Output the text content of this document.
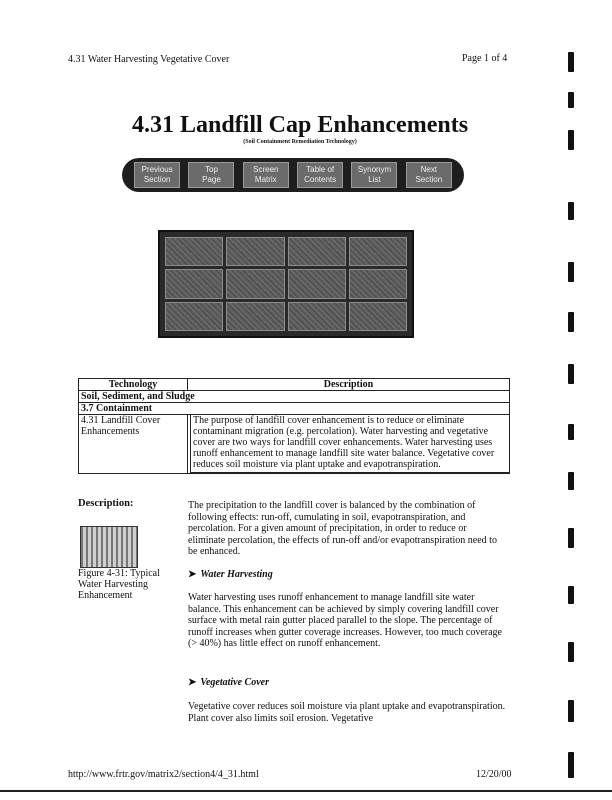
4.31 Water Harvesting Vegetative Cover	Page 1 of 4
4.31 Landfill Cap Enhancements
(Soil Containment Remediation Technology)
Previous
Section
Top
Page
Screen
Matrix
Table of
Contents
Synonym
List
Next
Section
Technology	Description
Soil, Sediment, and Sludge	
3.7 Containment	
4.31 Landfill Cover Enhancements	The purpose of landfill cover enhancement is to reduce or eliminate contaminant migration (e.g. percolation). Water harvesting and vegetative cover are two ways for landfill cover enhancements. Water harvesting uses runoff enhancement to manage landfill site water balance. Vegetative cover reduces soil moisture via plant uptake and evapotranspiration.
Description:
Figure 4-31: Typical Water Harvesting Enhancement
The precipitation to the landfill cover is balanced by the combination of following effects: run-off, cumulating in soil, evapotranspiration, and percolation. For a given amount of precipitation, in order to reduce or eliminate percolation, the effects of run-off and/or evapotranspiration need to be enhanced.
➤ Water Harvesting
Water harvesting uses runoff enhancement to manage landfill site water balance. This enhancement can be achieved by simply covering landfill cover surface with metal rain gutter placed parallel to the slope. The percentage of runoff increases when gutter coverage increases. However, too much coverage (> 40%) has little effect on runoff enhancement.
➤ Vegetative Cover
Vegetative cover reduces soil moisture via plant uptake and evapotranspiration. Plant cover also limits soil erosion. Vegetative
http://www.frtr.gov/matrix2/section4/4_31.html	12/20/00
